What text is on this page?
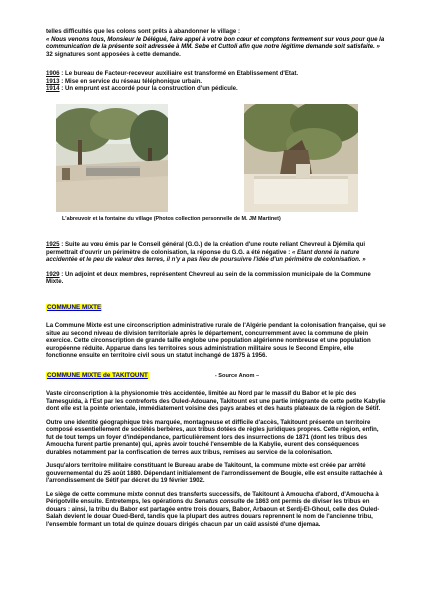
telles difficultés que les colons sont prêts à abandonner le village :

« Nous venons tous, Monsieur le Délégué, faire appel à votre bon cœur et comptons fermement sur vous pour que la communication de la présente soit adressée à MM. Sebe et Cuttoli afin que notre légitime demande soit satisfaite. »

32 signatures sont apposées à cette demande.

1906 : Le bureau de Facteur-receveur auxiliaire est transformé en Etablissement d'Etat.

1913 : Mise en service du réseau téléphonique urbain.

1914 : Un emprunt est accordé pour la construction d'un pédicule.

L'abreuvoir et la fontaine du village (Photos collection personnelle de M. JM Martinet)

1925 : Suite au vœu émis par le Conseil général (G.G.) de la création d'une route reliant Chevreul à Djémila qui permettrait d'ouvrir un périmètre de colonisation, la réponse du G.G. a été négative : « Etant donné la nature accidentée et le peu de valeur des terres, il n'y a pas lieu de poursuivre l'idée d'un périmètre de colonisation. »

1929 : Un adjoint et deux membres, représentent Chevreul au sein de la commission municipale de la Commune Mixte.

COMMUNE MIXTE

La Commune Mixte est une circonscription administrative rurale de l'Algérie pendant la colonisation française, qui se situe au second niveau de division territoriale après le département, concurremment avec la commune de plein exercice. Cette circonscription de grande taille englobe une population algérienne nombreuse et une population européenne réduite. Apparue dans les territoires sous administration militaire sous le Second Empire, elle fonctionne ensuite en territoire civil sous un statut inchangé de 1875 à 1956.

COMMUNE MIXTE de TAKITOUNT	- Source Anom –

Vaste circonscription à la physionomie très accidentée, limitée au Nord par le massif du Babor et le pic des Tamesguida, à l'Est par les contreforts des Ouled-Adouane, Takitount est une partie intégrante de cette petite Kabylie dont elle est la pointe orientale, immédiatement voisine des pays arabes et des hauts plateaux de la région de Sétif.

Outre une identité géographique très marquée, montagneuse et difficile d'accès, Takitount présente un territoire composé essentiellement de sociétés berbères, aux tribus dotées de règles juridiques propres. Cette région, enfin, fut de tout temps un foyer d'indépendance, particulièrement lors des insurrections de 1871 (dont les tribus des Amoucha furent partie prenante) qui, après avoir touché l'ensemble de la Kabylie, eurent des conséquences durables notamment par la confiscation de terres aux tribus, remises au service de la colonisation.

Jusqu'alors territoire militaire constituant le Bureau arabe de Takitount, la commune mixte est créée par arrêté gouvernemental du 25 août 1880. Dépendant initialement de l'arrondissement de Bougie, elle est ensuite rattachée à l'arrondissement de Sétif par décret du 19 février 1902.

Le siège de cette commune mixte connut des transferts successifs, de Takitount à Amoucha d'abord, d'Amoucha à Périgotville ensuite. Entretemps, les opérations du Senatus consulte de 1863 ont permis de diviser les tribus en douars : ainsi, la tribu du Babor est partagée entre trois douars, Babor, Arbaoun et Serdj-El-Ghoul, celle des Ouled-Salah devient le douar Oued-Berd, tandis que la plupart des autres douars reprennent le nom de l'ancienne tribu, l'ensemble formant un total de quinze douars dirigés chacun par un caïd assisté d'une djemaa.
